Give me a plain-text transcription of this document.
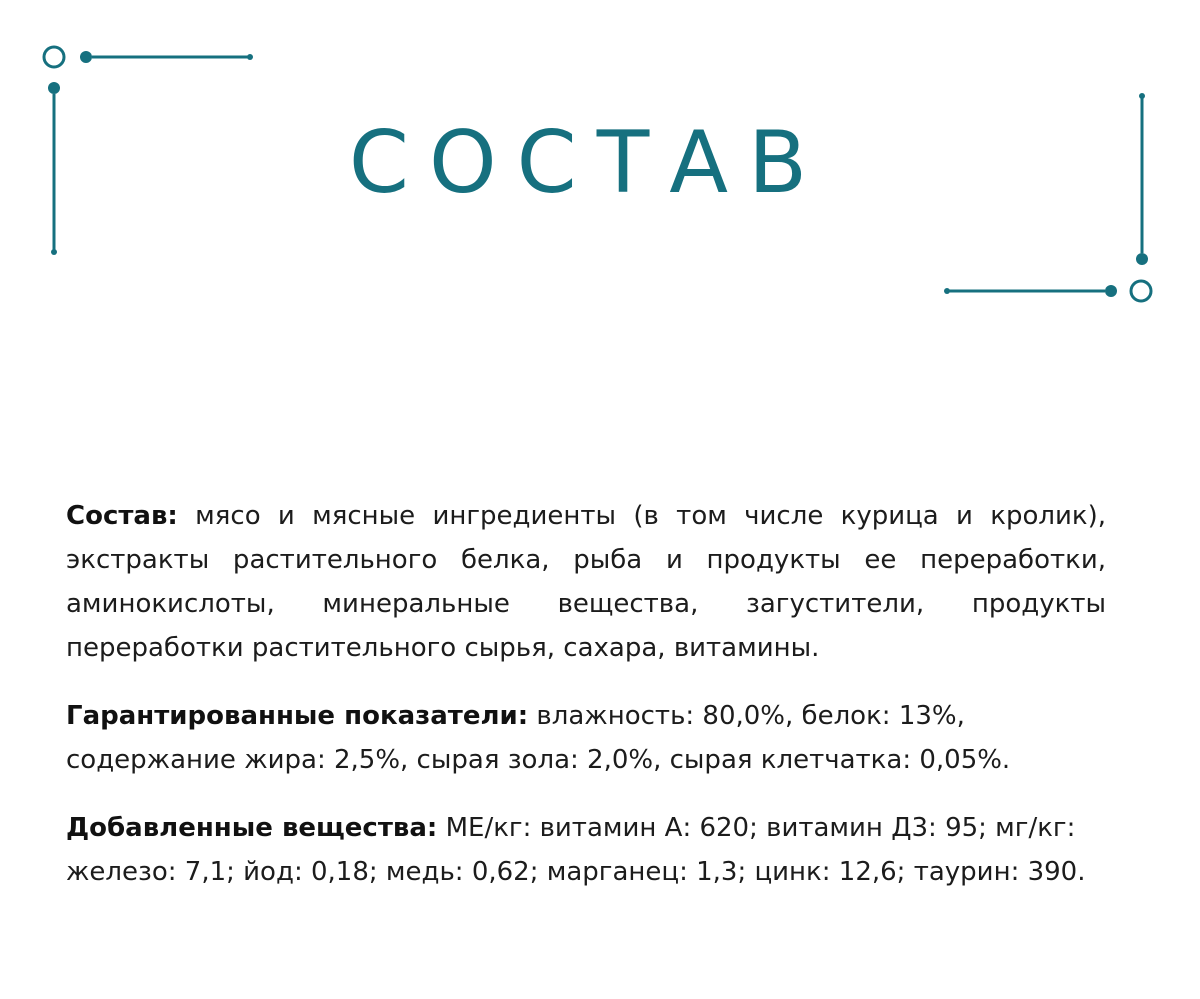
СОСТАВ

Состав: мясо и мясные ингредиенты (в том числе курица и кролик), экстракты растительного белка, рыба и продукты ее переработки, аминокислоты, минеральные вещества, загустители, продукты переработки растительного сырья, сахара, витамины.

Гарантированные показатели: влажность: 80,0%, белок: 13%, содержание жира: 2,5%, сырая зола: 2,0%, сырая клетчатка: 0,05%.

Добавленные вещества: МЕ/кг: витамин А: 620; витамин Д3: 95; мг/кг: железо: 7,1; йод: 0,18; медь: 0,62; марганец: 1,3; цинк: 12,6; таурин: 390.
